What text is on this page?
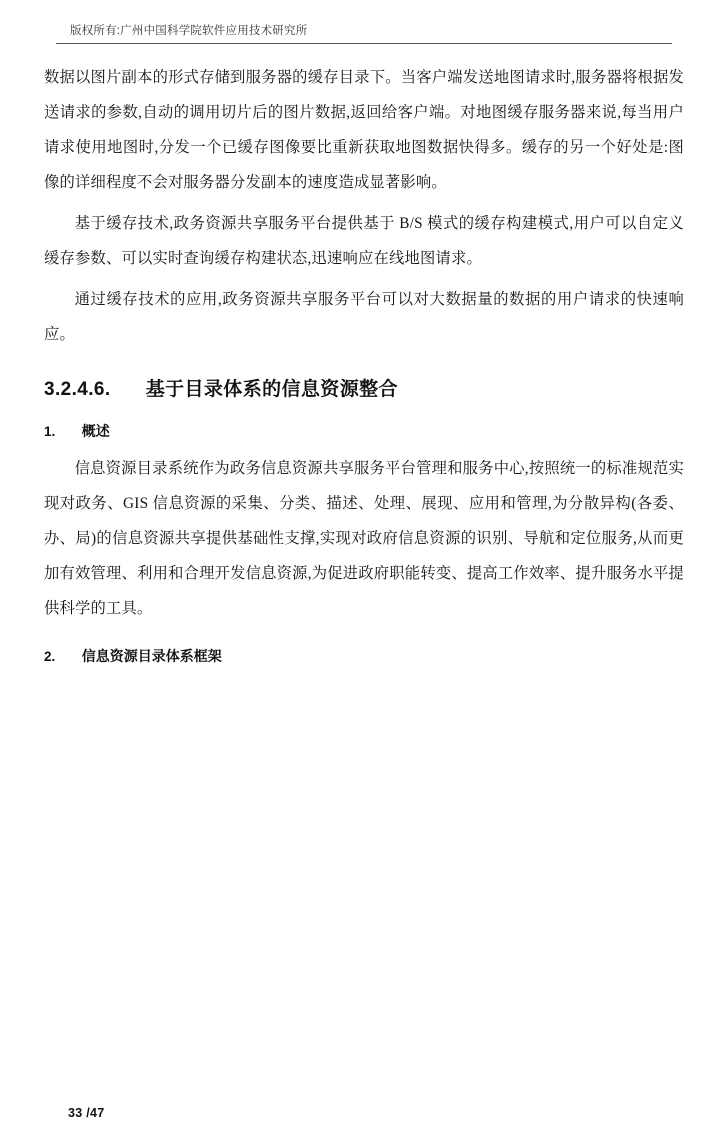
版权所有:广州中国科学院软件应用技术研究所

数据以图片副本的形式存储到服务器的缓存目录下。当客户端发送地图请求时,服务器将根据发送请求的参数,自动的调用切片后的图片数据,返回给客户端。对地图缓存服务器来说,每当用户请求使用地图时,分发一个已缓存图像要比重新获取地图数据快得多。缓存的另一个好处是:图像的详细程度不会对服务器分发副本的速度造成显著影响。

基于缓存技术,政务资源共享服务平台提供基于 B/S 模式的缓存构建模式,用户可以自定义缓存参数、可以实时查询缓存构建状态,迅速响应在线地图请求。

通过缓存技术的应用,政务资源共享服务平台可以对大数据量的数据的用户请求的快速响应。

3.2.4.6. 基于目录体系的信息资源整合
1. 概述

信息资源目录系统作为政务信息资源共享服务平台管理和服务中心,按照统一的标准规范实现对政务、GIS 信息资源的采集、分类、描述、处理、展现、应用和管理,为分散异构(各委、办、局)的信息资源共享提供基础性支撑,实现对政府信息资源的识别、导航和定位服务,从而更加有效管理、利用和合理开发信息资源,为促进政府职能转变、提高工作效率、提升服务水平提供科学的工具。

2. 信息资源目录体系框架
33 /47
